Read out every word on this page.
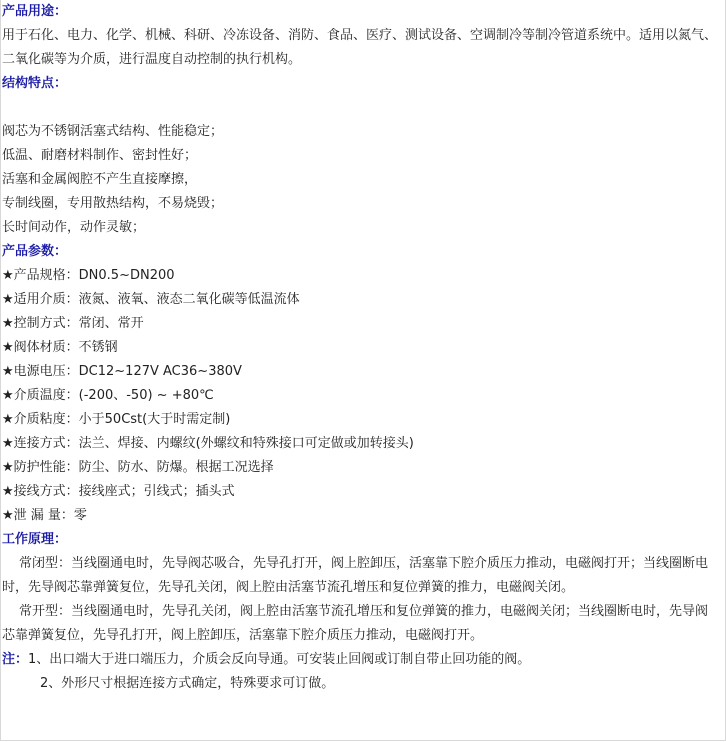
产品用途：
用于石化、电力、化学、机械、科研、冷冻设备、消防、食品、医疗、测试设备、空调制冷等制冷管道系统中。适用以氮气、二氧化碳等为介质，进行温度自动控制的执行机构。
结构特点：
阀芯为不锈钢活塞式结构、性能稳定；
低温、耐磨材料制作、密封性好；
活塞和金属阀腔不产生直接摩擦，
专制线圈，专用散热结构，不易烧毁；
长时间动作，动作灵敏；
产品参数：
★产品规格：DN0.5~DN200
★适用介质：液氮、液氧、液态二氧化碳等低温流体
★控制方式：常闭、常开
★阀体材质：不锈钢
★电源电压：DC12~127V AC36~380V
★介质温度：(-200、-50) ~ +80℃
★介质粘度：小于50Cst(大于时需定制)
★连接方式：法兰、焊接、内螺纹(外螺纹和特殊接口可定做或加转接头)
★防护性能：防尘、防水、防爆。根据工况选择
★接线方式：接线座式；引线式；插头式
★泄 漏 量：零
工作原理：
常闭型：当线圈通电时，先导阀芯吸合，先导孔打开，阀上腔卸压，活塞靠下腔介质压力推动，电磁阀打开；当线圈断电时，先导阀芯靠弹簧复位，先导孔关闭，阀上腔由活塞节流孔增压和复位弹簧的推力，电磁阀关闭。
常开型：当线圈通电时，先导孔关闭，阀上腔由活塞节流孔增压和复位弹簧的推力，电磁阀关闭；当线圈断电时，先导阀芯靠弹簧复位，先导孔打开，阀上腔卸压，活塞靠下腔介质压力推动，电磁阀打开。
注：1、出口端大于进口端压力，介质会反向导通。可安装止回阀或订制自带止回功能的阀。
2、外形尺寸根据连接方式确定，特殊要求可订做。
